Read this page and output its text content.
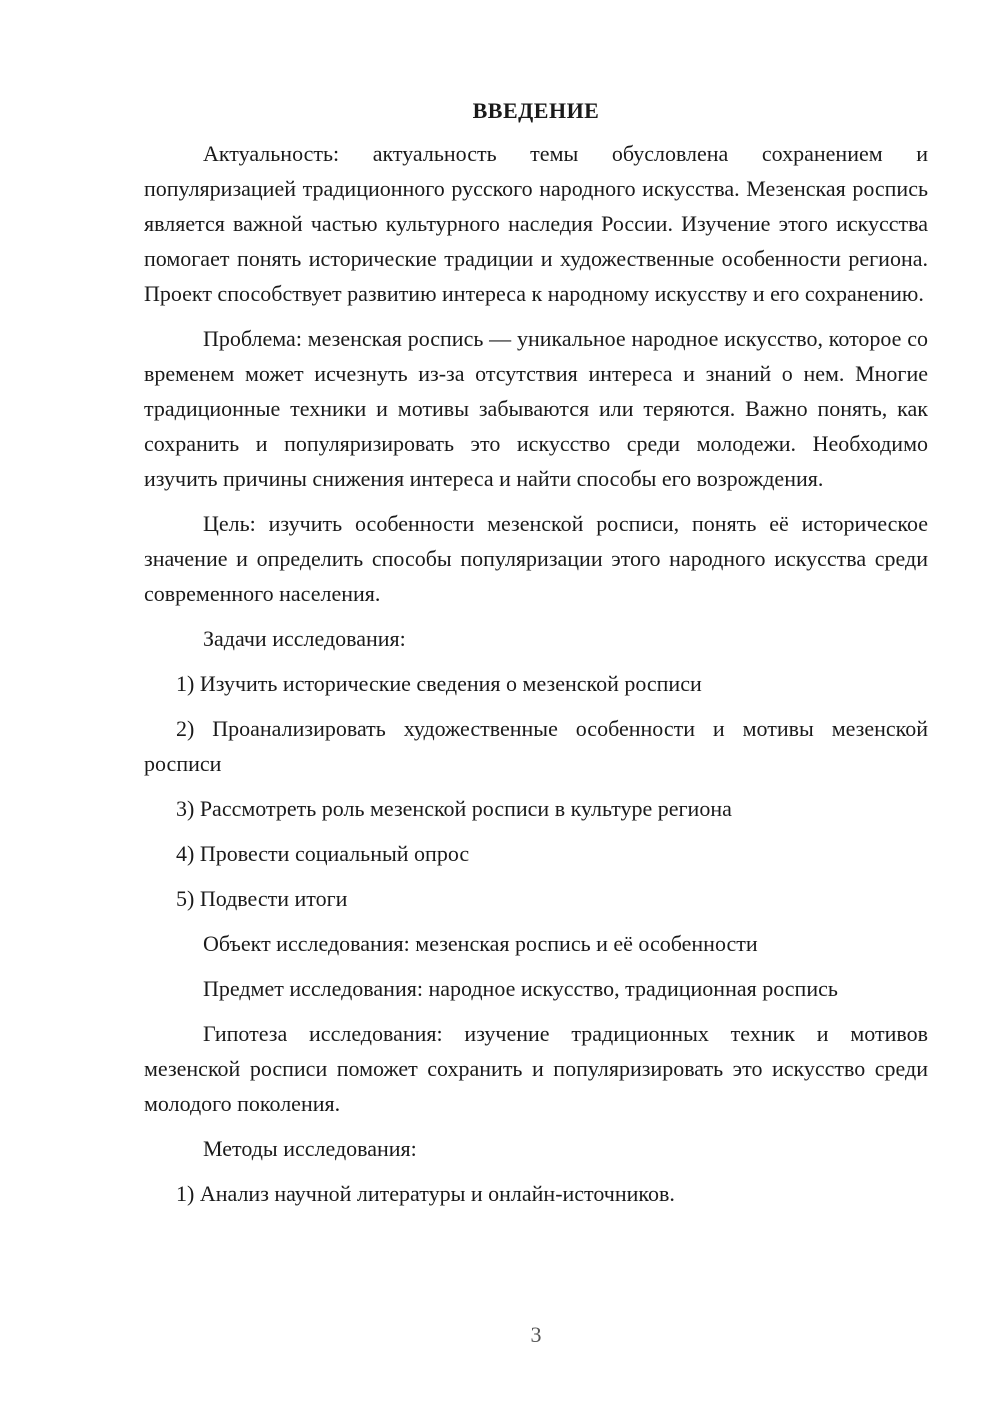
ВВЕДЕНИЕ

Актуальность: актуальность темы обусловлена сохранением и популяризацией традиционного русского народного искусства. Мезенская роспись является важной частью культурного наследия России. Изучение этого искусства помогает понять исторические традиции и художественные особенности региона. Проект способствует развитию интереса к народному искусству и его сохранению.

Проблема: мезенская роспись — уникальное народное искусство, которое со временем может исчезнуть из-за отсутствия интереса и знаний о нем. Многие традиционные техники и мотивы забываются или теряются. Важно понять, как сохранить и популяризировать это искусство среди молодежи. Необходимо изучить причины снижения интереса и найти способы его возрождения.

Цель: изучить особенности мезенской росписи, понять её историческое значение и определить способы популяризации этого народного искусства среди современного населения.

Задачи исследования:

1) Изучить исторические сведения о мезенской росписи

2) Проанализировать художественные особенности и мотивы мезенской росписи

3) Рассмотреть роль мезенской росписи в культуре региона

4) Провести социальный опрос

5) Подвести итоги

Объект исследования: мезенская роспись и её особенности

Предмет исследования: народное искусство, традиционная роспись

Гипотеза исследования: изучение традиционных техник и мотивов мезенской росписи поможет сохранить и популяризировать это искусство среди молодого поколения.

Методы исследования:

1) Анализ научной литературы и онлайн-источников.

3
